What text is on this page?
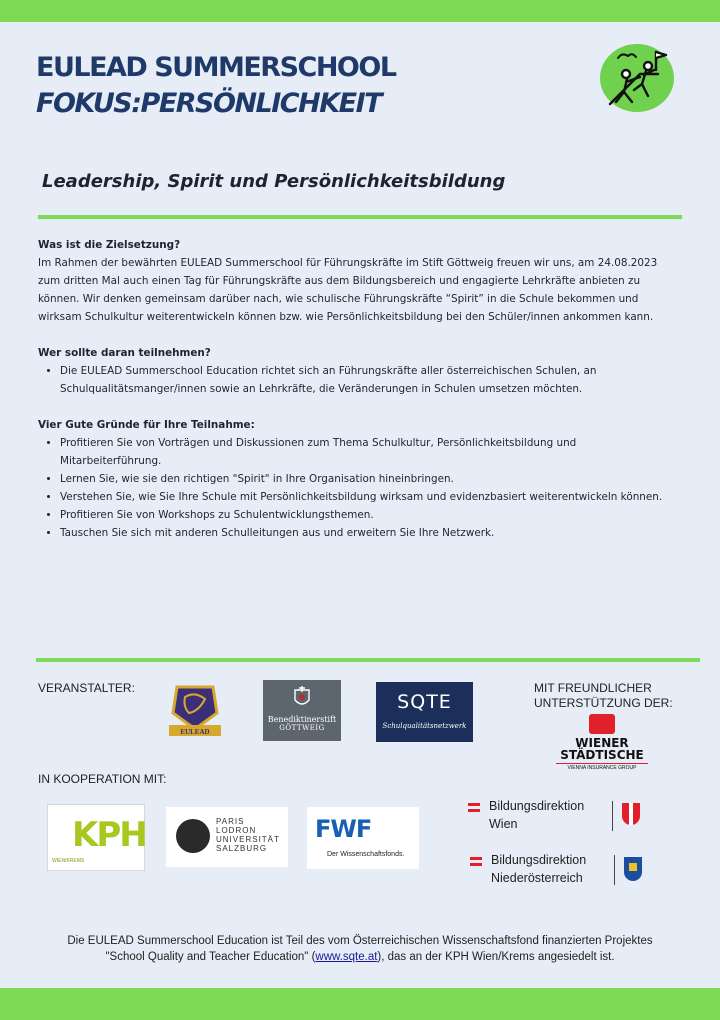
EULEAD SUMMERSCHOOL
FOKUS:PERSÖNLICHKEIT
Leadership, Spirit und Persönlichkeitsbildung
Was ist die Zielsetzung?

Im Rahmen der bewährten EULEAD Summerschool für Führungskräfte im Stift Göttweig freuen wir uns, am 24.08.2023 zum dritten Mal auch einen Tag für Führungskräfte aus dem Bildungsbereich und engagierte Lehrkräfte anbieten zu können. Wir denken gemeinsam darüber nach, wie schulische Führungskräfte “Spirit” in die Schule bekommen und wirksam Schulkultur weiterentwickeln können bzw. wie Persönlichkeitsbildung bei den Schüler/innen ankommen kann.

Wer sollte daran teilnehmen?
• Die EULEAD Summerschool Education richtet sich an Führungskräfte aller österreichischen Schulen, an Schulqualitätsmanger/innen sowie an Lehrkräfte, die Veränderungen in Schulen umsetzen möchten.
Vier Gute Gründe für Ihre Teilnahme:
• Profitieren Sie von Vorträgen und Diskussionen zum Thema Schulkultur, Persönlichkeitsbildung und Mitarbeiterführung.
• Lernen Sie, wie sie den richtigen "Spirit" in Ihre Organisation hineinbringen.
• Verstehen Sie, wie Sie Ihre Schule mit Persönlichkeitsbildung wirksam und evidenzbasiert weiterentwickeln können.
• Profitieren Sie von Workshops zu Schulentwicklungsthemen.
• Tauschen Sie sich mit anderen Schulleitungen aus und erweitern Sie Ihre Netzwerk.
VERANSTALTER:	MIT FREUNDLICHER UNTERSTÜTZUNG DER:
EULEAD
Benediktinerstift
GÖTTWEIG
SQTE
Schulqualitätsnetzwerk
WIENER
STÄDTISCHE
VIENNA INSURANCE GROUP
IN KOOPERATION MIT:
KPH
WIEN/KREMS
PARIS
LODRON
UNIVERSITÄT
SALZBURG
FWF
Der Wissenschaftsfonds.
Bildungsdirektion
Wien
Bildungsdirektion
Niederösterreich
Die EULEAD Summerschool Education ist Teil des vom Österreichischen Wissenschaftsfond finanzierten Projektes
"School Quality and Teacher Education" (www.sqte.at), das an der KPH Wien/Krems angesiedelt ist.
